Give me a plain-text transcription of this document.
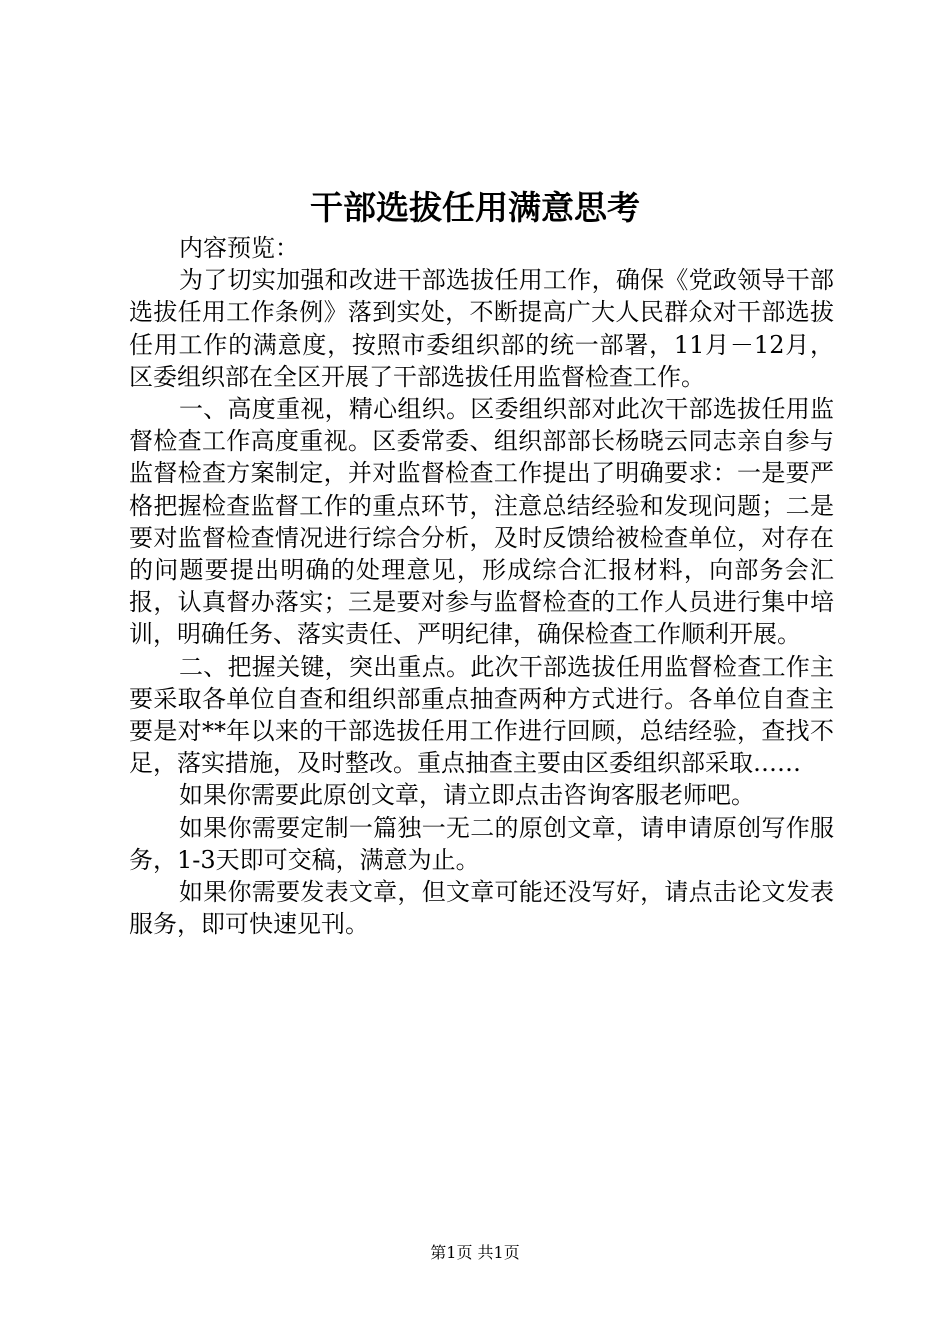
干部选拔任用满意思考

内容预览：

为了切实加强和改进干部选拔任用工作，确保《党政领导干部选拔任用工作条例》落到实处，不断提高广大人民群众对干部选拔任用工作的满意度，按照市委组织部的统一部署，11月－12月，区委组织部在全区开展了干部选拔任用监督检查工作。

一、高度重视，精心组织。区委组织部对此次干部选拔任用监督检查工作高度重视。区委常委、组织部部长杨晓云同志亲自参与监督检查方案制定，并对监督检查工作提出了明确要求：一是要严格把握检查监督工作的重点环节，注意总结经验和发现问题；二是要对监督检查情况进行综合分析，及时反馈给被检查单位，对存在的问题要提出明确的处理意见，形成综合汇报材料，向部务会汇报，认真督办落实；三是要对参与监督检查的工作人员进行集中培训，明确任务、落实责任、严明纪律，确保检查工作顺利开展。

二、把握关键，突出重点。此次干部选拔任用监督检查工作主要采取各单位自查和组织部重点抽查两种方式进行。各单位自查主要是对**年以来的干部选拔任用工作进行回顾，总结经验，查找不足，落实措施，及时整改。重点抽查主要由区委组织部采取……

如果你需要此原创文章，请立即点击咨询客服老师吧。

如果你需要定制一篇独一无二的原创文章，请申请原创写作服务，1-3天即可交稿，满意为止。

如果你需要发表文章，但文章可能还没写好，请点击论文发表服务，即可快速见刊。

第1页 共1页
